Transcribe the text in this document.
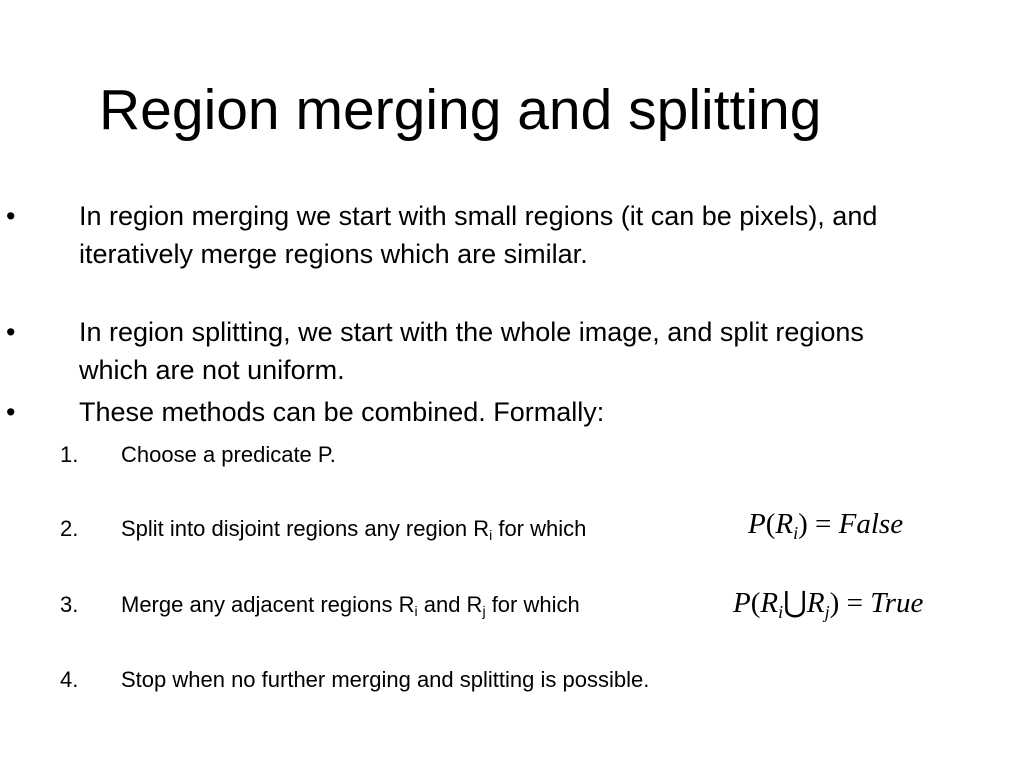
Region merging and splitting
• In region merging we start with small regions (it can be pixels), and iteratively merge regions which are similar.
• In region splitting, we start with the whole image, and split regions which are not uniform.
• These methods can be combined. Formally:
1. Choose a predicate P.
2. Split into disjoint regions any region $R_i$ for which	$P(R_i)$ = False
3. Merge any adjacent regions $R_i$ and $R_j$ for which	$P(R_i⋃R_j)$ = True
4. Stop when no further merging and splitting is possible.
